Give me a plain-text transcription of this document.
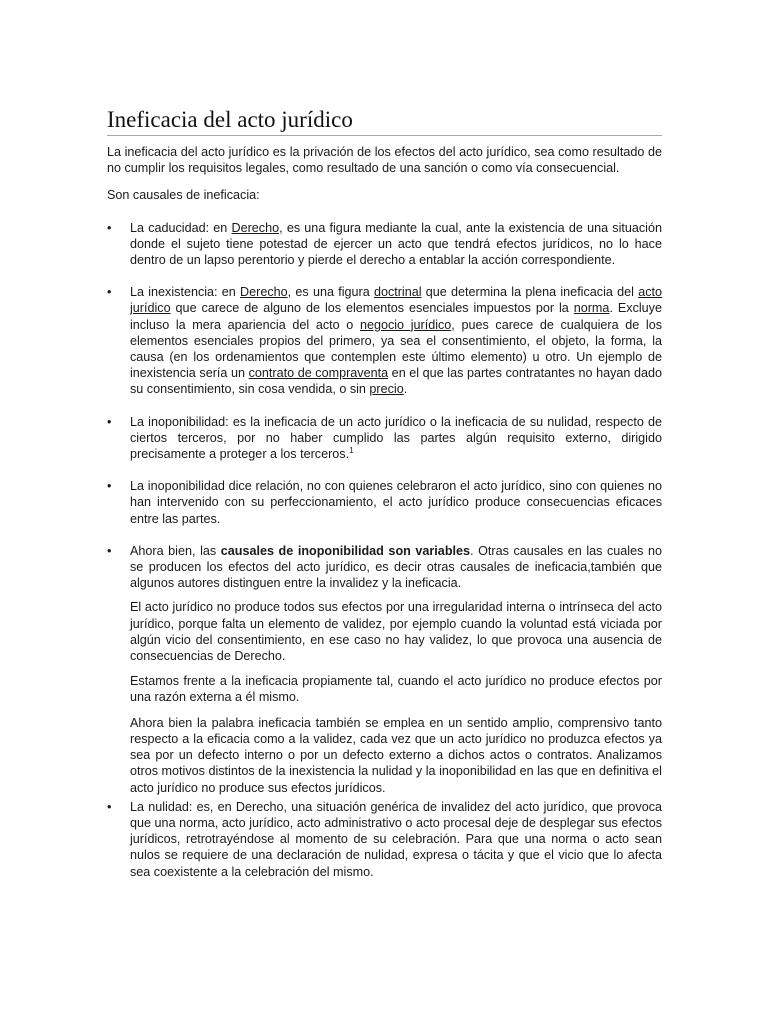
Ineficacia del acto jurídico

La ineficacia del acto jurídico es la privación de los efectos del acto jurídico, sea como resultado de no cumplir los requisitos legales, como resultado de una sanción o como vía consecuencial.

Son causales de ineficacia:

•	La caducidad: en Derecho, es una figura mediante la cual, ante la existencia de una situación donde el sujeto tiene potestad de ejercer un acto que tendrá efectos jurídicos, no lo hace dentro de un lapso perentorio y pierde el derecho a entablar la acción correspondiente.
•	La inexistencia: en Derecho, es una figura doctrinal que determina la plena ineficacia del acto jurídico que carece de alguno de los elementos esenciales impuestos por la norma. Excluye incluso la mera apariencia del acto o negocio jurídico, pues carece de cualquiera de los elementos esenciales propios del primero, ya sea el consentimiento, el objeto, la forma, la causa (en los ordenamientos que contemplen este último elemento) u otro. Un ejemplo de inexistencia sería un contrato de compraventa en el que las partes contratantes no hayan dado su consentimiento, sin cosa vendida, o sin precio.
•	La inoponibilidad: es la ineficacia de un acto jurídico o la ineficacia de su nulidad, respecto de ciertos terceros, por no haber cumplido las partes algún requisito externo, dirigido precisamente a proteger a los terceros.$^1$
•	La inoponibilidad dice relación, no con quienes celebraron el acto jurídico, sino con quienes no han intervenido con su perfeccionamiento, el acto jurídico produce consecuencias eficaces entre las partes.
•	Ahora bien, las causales de inoponibilidad son variables. Otras causales en las cuales no se producen los efectos del acto jurídico, es decir otras causales de ineficacia,también que algunos autores distinguen entre la invalidez y la ineficacia.

El acto jurídico no produce todos sus efectos por una irregularidad interna o intrínseca del acto jurídico, porque falta un elemento de validez, por ejemplo cuando la voluntad está viciada por algún vicio del consentimiento, en ese caso no hay validez, lo que provoca una ausencia de consecuencias de Derecho.

Estamos frente a la ineficacia propiamente tal, cuando el acto jurídico no produce efectos por una razón externa a él mismo.

Ahora bien la palabra ineficacia también se emplea en un sentido amplio, comprensivo tanto respecto a la eficacia como a la validez, cada vez que un acto jurídico no produzca efectos ya sea por un defecto interno o por un defecto externo a dichos actos o contratos. Analizamos otros motivos distintos de la inexistencia la nulidad y la inoponibilidad en las que en definitiva el acto jurídico no produce sus efectos jurídicos.

•	La nulidad: es, en Derecho, una situación genérica de invalidez del acto jurídico, que provoca que una norma, acto jurídico, acto administrativo o acto procesal deje de desplegar sus efectos jurídicos, retrotrayéndose al momento de su celebración. Para que una norma o acto sean nulos se requiere de una declaración de nulidad, expresa o tácita y que el vicio que lo afecta sea coexistente a la celebración del mismo.
